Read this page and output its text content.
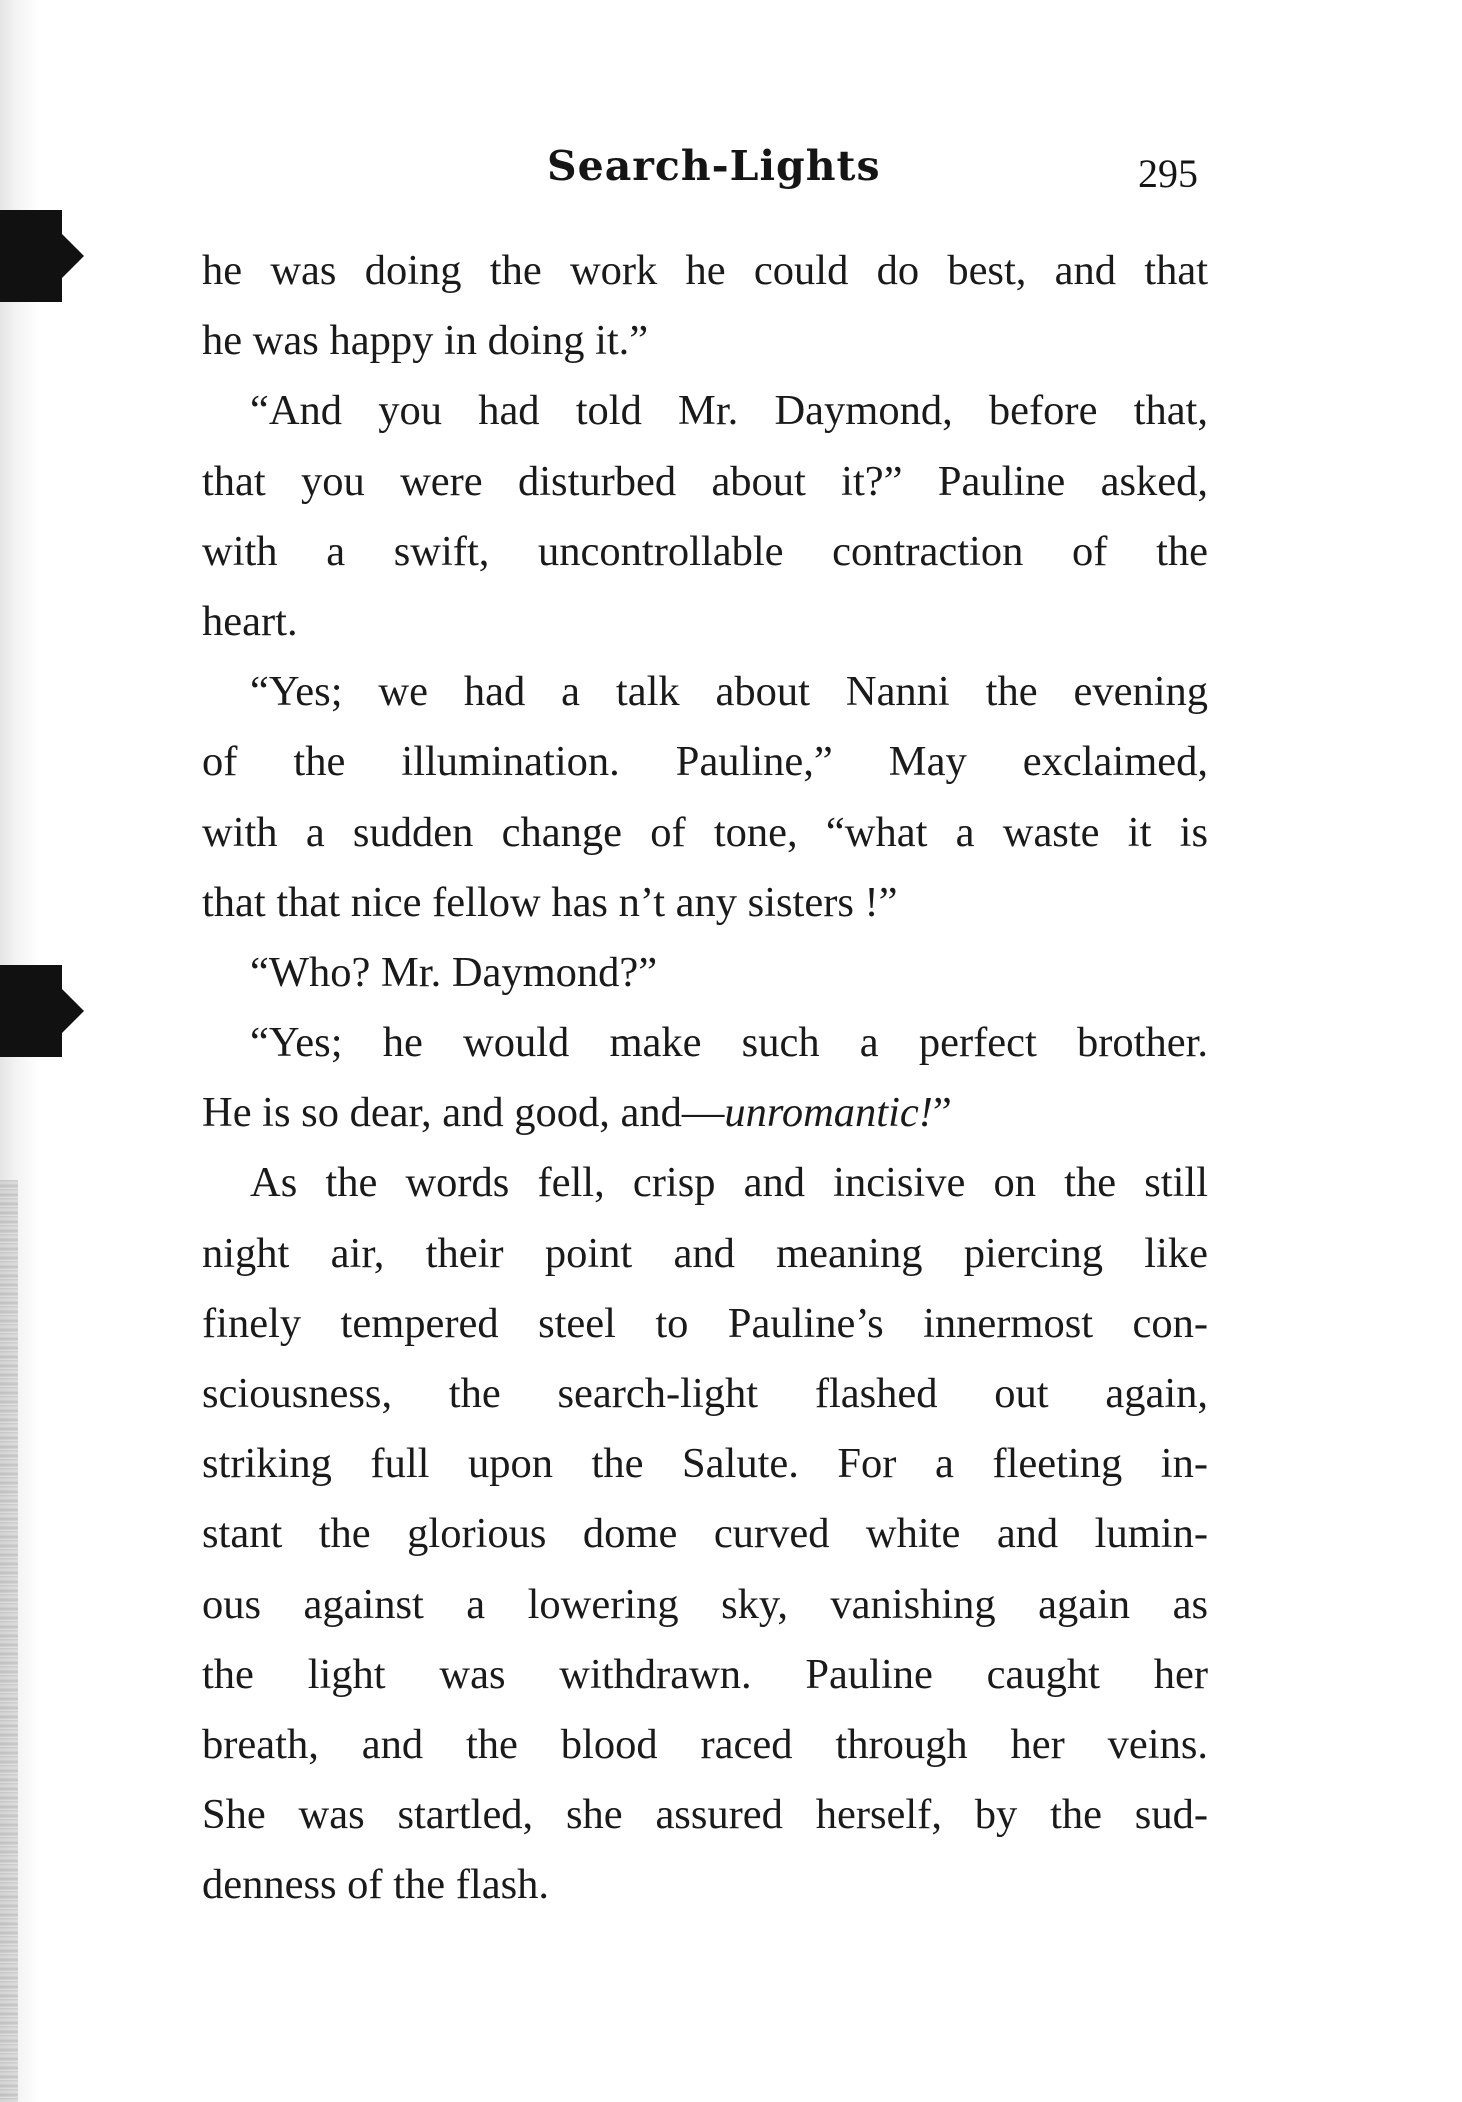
Search-Lights	295
he was doing the work he could do best, and that
he was happy in doing it.”
“And you had told Mr. Daymond, before that,
that you were disturbed about it?” Pauline asked,
with a swift, uncontrollable contraction of the
heart.
“Yes; we had a talk about Nanni the evening
of the illumination. Pauline,” May exclaimed,
with a sudden change of tone, “what a waste it is
that that nice fellow has n’t any sisters !”
“Who? Mr. Daymond?”
“Yes; he would make such a perfect brother.
He is so dear, and good, and—unromantic!”
As the words fell, crisp and incisive on the still
night air, their point and meaning piercing like
finely tempered steel to Pauline’s innermost con-
sciousness, the search-light flashed out again,
striking full upon the Salute. For a fleeting in-
stant the glorious dome curved white and lumin-
ous against a lowering sky, vanishing again as
the light was withdrawn. Pauline caught her
breath, and the blood raced through her veins.
She was startled, she assured herself, by the sud-
denness of the flash.
